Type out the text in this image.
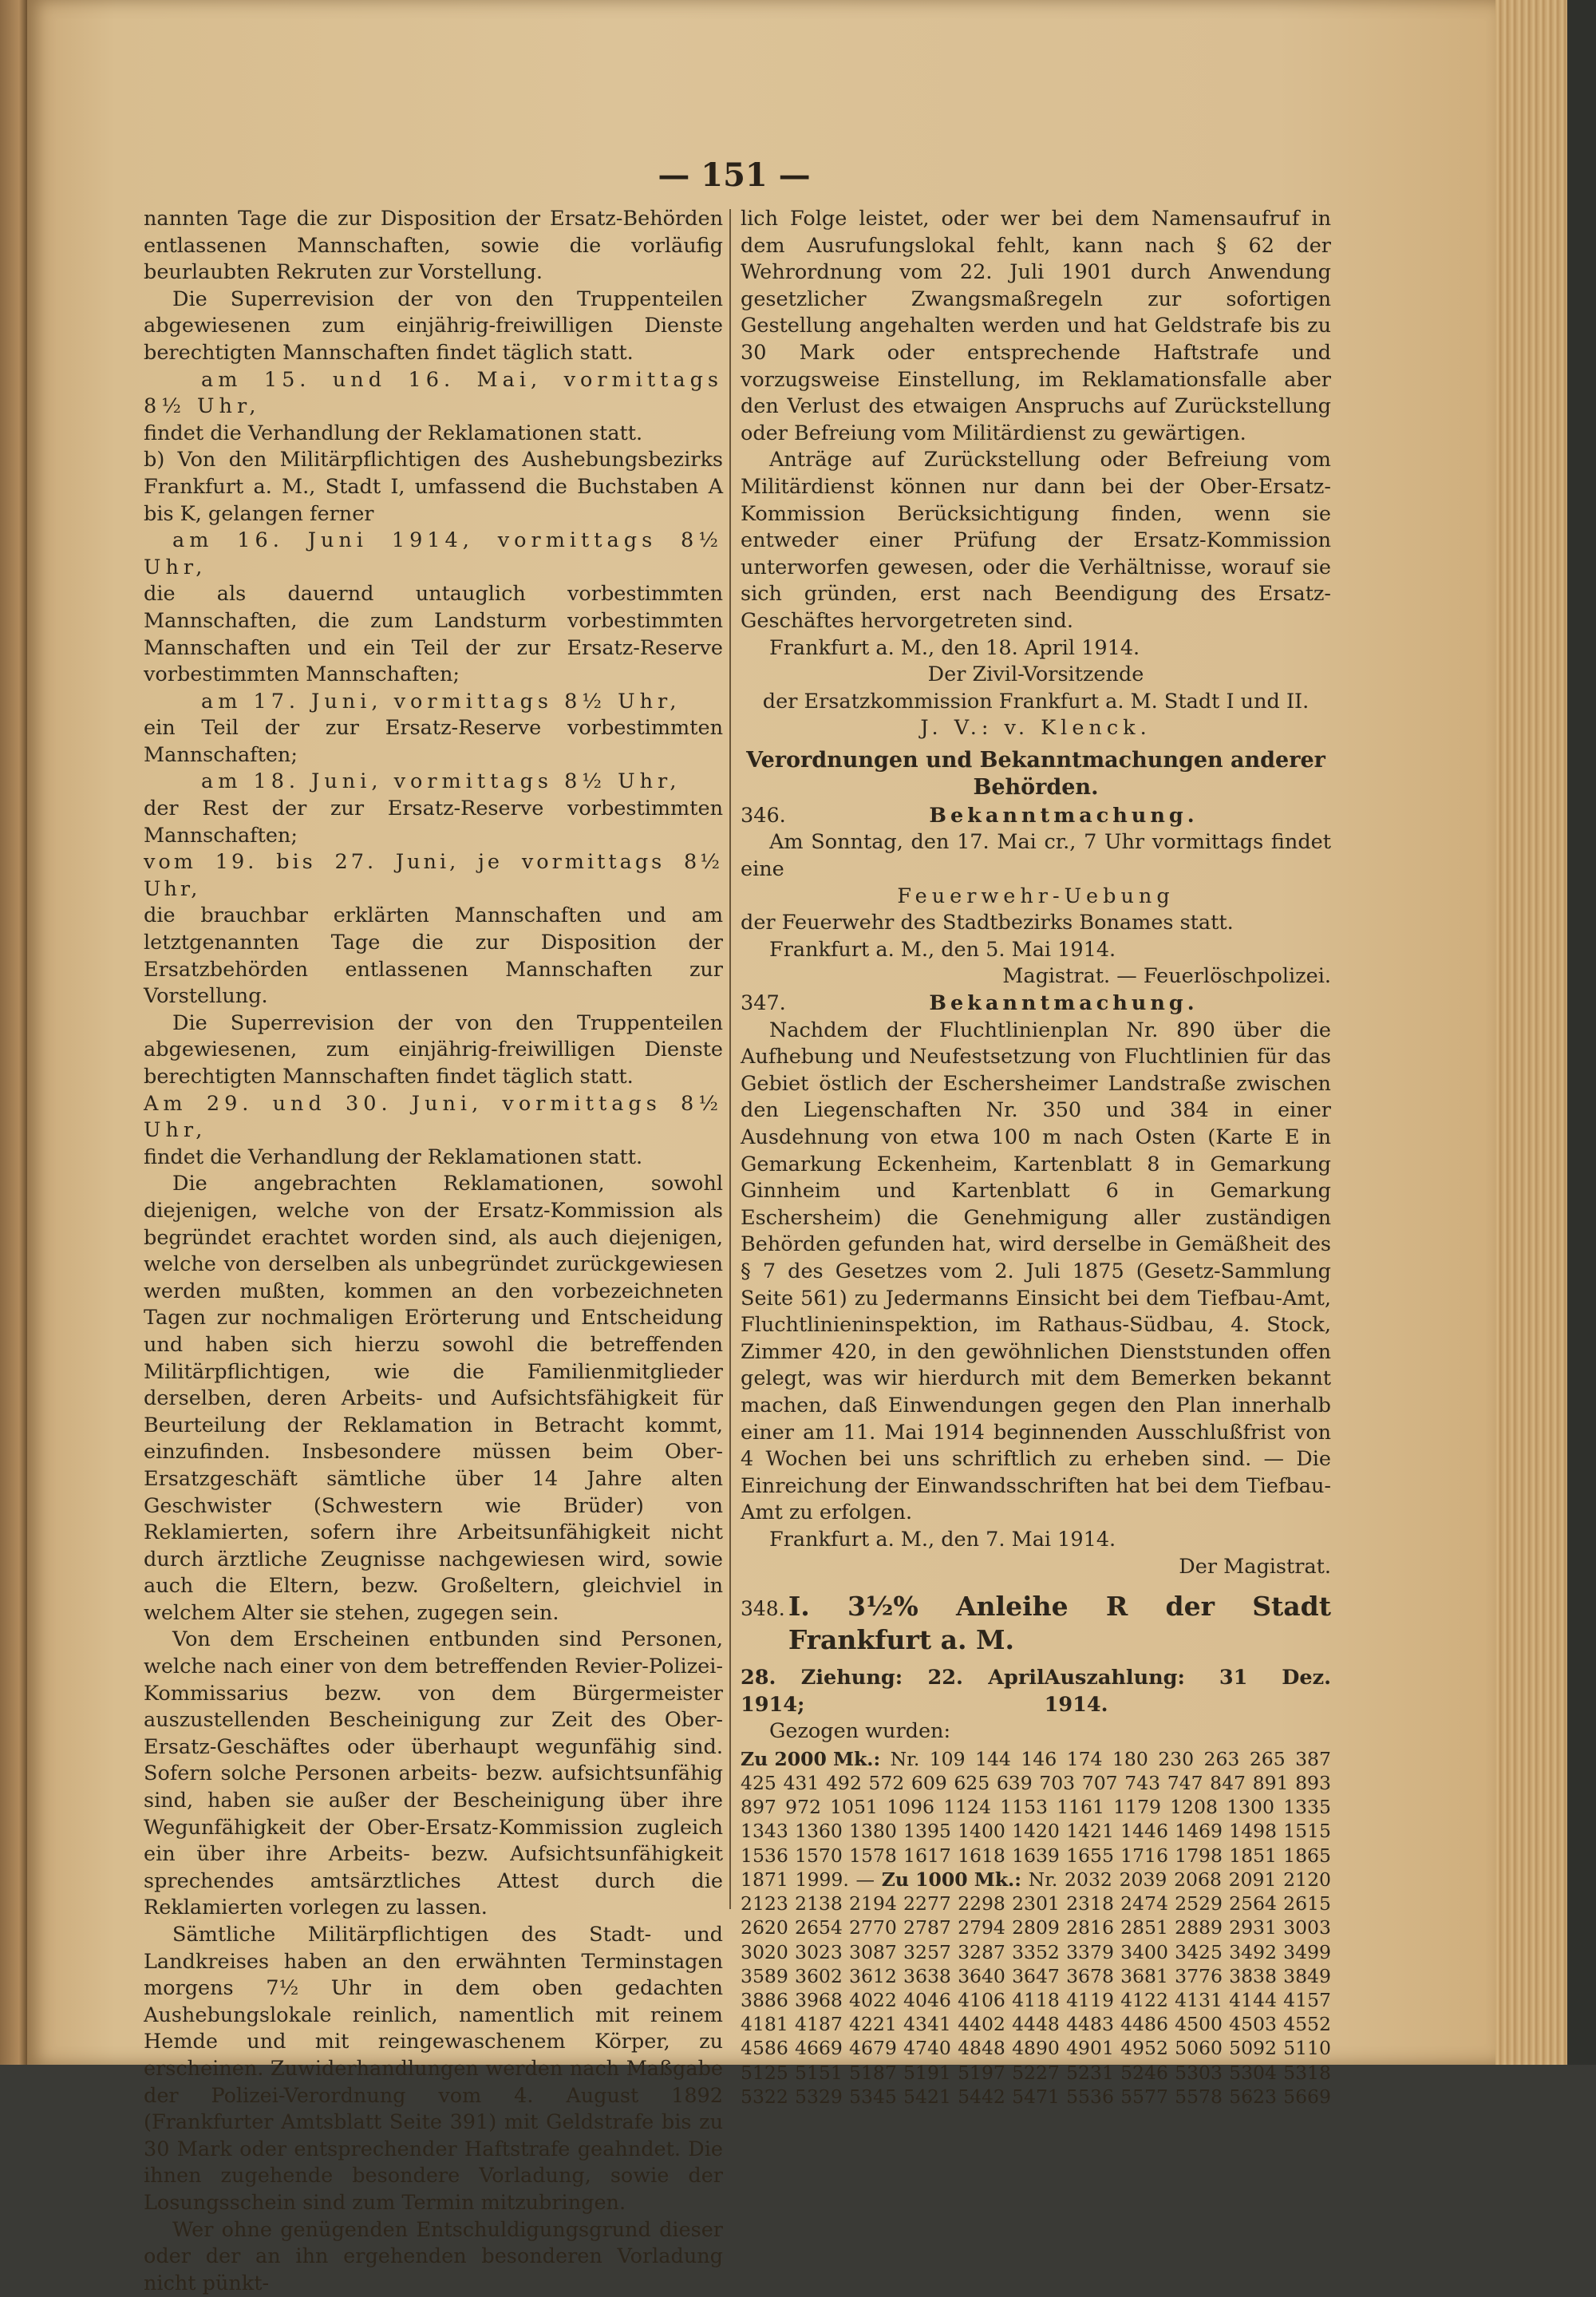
— 151 —

nannten Tage die zur Disposition der Ersatz-Behörden entlassenen Mannschaften, sowie die vorläufig beurlaubten Rekruten zur Vorstellung.

Die Superrevision der von den Truppenteilen abgewiesenen zum einjährig-freiwilligen Dienste berechtigten Mannschaften findet täglich statt.

am 15. und 16. Mai, vormittags 8½ Uhr,

findet die Verhandlung der Reklamationen statt.

b) Von den Militärpflichtigen des Aushebungsbezirks Frankfurt a. M., Stadt I, umfassend die Buchstaben A bis K, gelangen ferner

am 16. Juni 1914, vormittags 8½ Uhr,

die als dauernd untauglich vorbestimmten Mannschaften, die zum Landsturm vorbestimmten Mannschaften und ein Teil der zur Ersatz-Reserve vorbestimmten Mannschaften;

am 17. Juni, vormittags 8½ Uhr,

ein Teil der zur Ersatz-Reserve vorbestimmten Mannschaften;

am 18. Juni, vormittags 8½ Uhr,

der Rest der zur Ersatz-Reserve vorbestimmten Mannschaften;

vom 19. bis 27. Juni, je vormittags 8½ Uhr,

die brauchbar erklärten Mannschaften und am letztgenannten Tage die zur Disposition der Ersatzbehörden entlassenen Mannschaften zur Vorstellung.

Die Superrevision der von den Truppenteilen abgewiesenen, zum einjährig-freiwilligen Dienste berechtigten Mannschaften findet täglich statt.

Am 29. und 30. Juni, vormittags 8½ Uhr,

findet die Verhandlung der Reklamationen statt.

Die angebrachten Reklamationen, sowohl diejenigen, welche von der Ersatz-Kommission als begründet erachtet worden sind, als auch diejenigen, welche von derselben als unbegründet zurückgewiesen werden mußten, kommen an den vorbezeichneten Tagen zur nochmaligen Erörterung und Entscheidung und haben sich hierzu sowohl die betreffenden Militärpflichtigen, wie die Familienmitglieder derselben, deren Arbeits- und Aufsichtsfähigkeit für Beurteilung der Reklamation in Betracht kommt, einzufinden. Insbesondere müssen beim Ober-Ersatzgeschäft sämtliche über 14 Jahre alten Geschwister (Schwestern wie Brüder) von Reklamierten, sofern ihre Arbeitsunfähigkeit nicht durch ärztliche Zeugnisse nachgewiesen wird, sowie auch die Eltern, bezw. Großeltern, gleichviel in welchem Alter sie stehen, zugegen sein.

Von dem Erscheinen entbunden sind Personen, welche nach einer von dem betreffenden Revier-Polizei-Kommissarius bezw. von dem Bürgermeister auszustellenden Bescheinigung zur Zeit des Ober-Ersatz-Geschäftes oder überhaupt wegunfähig sind. Sofern solche Personen arbeits- bezw. aufsichtsunfähig sind, haben sie außer der Bescheinigung über ihre Wegunfähigkeit der Ober-Ersatz-Kommission zugleich ein über ihre Arbeits- bezw. Aufsichtsunfähigkeit sprechendes amtsärztliches Attest durch die Reklamierten vorlegen zu lassen.

Sämtliche Militärpflichtigen des Stadt- und Landkreises haben an den erwähnten Terminstagen morgens 7½ Uhr in dem oben gedachten Aushebungslokale reinlich, namentlich mit reinem Hemde und mit reingewaschenem Körper, zu erscheinen. Zuwiderhandlungen werden nach Maßgabe der Polizei-Verordnung vom 4. August 1892 (Frankfurter Amtsblatt Seite 391) mit Geldstrafe bis zu 30 Mark oder entsprechender Haftstrafe geahndet. Die ihnen zugehende besondere Vorladung, sowie der Losungsschein sind zum Termin mitzubringen.

Wer ohne genügenden Entschuldigungsgrund dieser oder der an ihn ergehenden besonderen Vorladung nicht pünkt-

lich Folge leistet, oder wer bei dem Namensaufruf in dem Ausrufungslokal fehlt, kann nach § 62 der Wehrordnung vom 22. Juli 1901 durch Anwendung gesetzlicher Zwangsmaßregeln zur sofortigen Gestellung angehalten werden und hat Geldstrafe bis zu 30 Mark oder entsprechende Haftstrafe und vorzugsweise Einstellung, im Reklamationsfalle aber den Verlust des etwaigen Anspruchs auf Zurückstellung oder Befreiung vom Militärdienst zu gewärtigen.

Anträge auf Zurückstellung oder Befreiung vom Militärdienst können nur dann bei der Ober-Ersatz-Kommission Berücksichtigung finden, wenn sie entweder einer Prüfung der Ersatz-Kommission unterworfen gewesen, oder die Verhältnisse, worauf sie sich gründen, erst nach Beendigung des Ersatz-Geschäftes hervorgetreten sind.

Frankfurt a. M., den 18. April 1914.

Der Zivil-Vorsitzende

der Ersatzkommission Frankfurt a. M. Stadt I und II.

J. V.: v. Klenck.

Verordnungen und Bekanntmachungen anderer Behörden.
346.	Bekanntmachung.

Am Sonntag, den 17. Mai cr., 7 Uhr vormittags findet eine

Feuerwehr-Uebung

der Feuerwehr des Stadtbezirks Bonames statt.

Frankfurt a. M., den 5. Mai 1914.

Magistrat. — Feuerlöschpolizei.

347.	Bekanntmachung.

Nachdem der Fluchtlinienplan Nr. 890 über die Aufhebung und Neufestsetzung von Fluchtlinien für das Gebiet östlich der Eschersheimer Landstraße zwischen den Liegenschaften Nr. 350 und 384 in einer Ausdehnung von etwa 100 m nach Osten (Karte E in Gemarkung Eckenheim, Kartenblatt 8 in Gemarkung Ginnheim und Kartenblatt 6 in Gemarkung Eschersheim) die Genehmigung aller zuständigen Behörden gefunden hat, wird derselbe in Gemäßheit des § 7 des Gesetzes vom 2. Juli 1875 (Gesetz-Sammlung Seite 561) zu Jedermanns Einsicht bei dem Tiefbau-Amt, Fluchtlinieninspektion, im Rathaus-Südbau, 4. Stock, Zimmer 420, in den gewöhnlichen Dienststunden offen gelegt, was wir hierdurch mit dem Bemerken bekannt machen, daß Einwendungen gegen den Plan innerhalb einer am 11. Mai 1914 beginnenden Ausschlußfrist von 4 Wochen bei uns schriftlich zu erheben sind. — Die Einreichung der Einwandsschriften hat bei dem Tiefbau-Amt zu erfolgen.

Frankfurt a. M., den 7. Mai 1914.

Der Magistrat.

348. I. 3½% Anleihe R der Stadt Frankfurt a. M.
28. Ziehung: 22. April 1914;
Auszahlung: 31 Dez. 1914.

Gezogen wurden:

Zu 2000 Mk.: Nr. 109 144 146 174 180 230 263 265 387
425 431 492 572 609 625 639 703 707 743 747 847 891 893
897 972 1051 1096 1124 1153 1161 1179 1208 1300 1335
1343 1360 1380 1395 1400 1420 1421 1446 1469 1498 1515
1536 1570 1578 1617 1618 1639 1655 1716 1798 1851 1865
1871 1999. — Zu 1000 Mk.: Nr. 2032 2039 2068 2091 2120
2123 2138 2194 2277 2298 2301 2318 2474 2529 2564 2615
2620 2654 2770 2787 2794 2809 2816 2851 2889 2931 3003
3020 3023 3087 3257 3287 3352 3379 3400 3425 3492 3499
3589 3602 3612 3638 3640 3647 3678 3681 3776 3838 3849
3886 3968 4022 4046 4106 4118 4119 4122 4131 4144 4157
4181 4187 4221 4341 4402 4448 4483 4486 4500 4503 4552
4586 4669 4679 4740 4848 4890 4901 4952 5060 5092 5110
5125 5151 5187 5191 5197 5227 5231 5246 5303 5304 5318
5322 5329 5345 5421 5442 5471 5536 5577 5578 5623 5669
